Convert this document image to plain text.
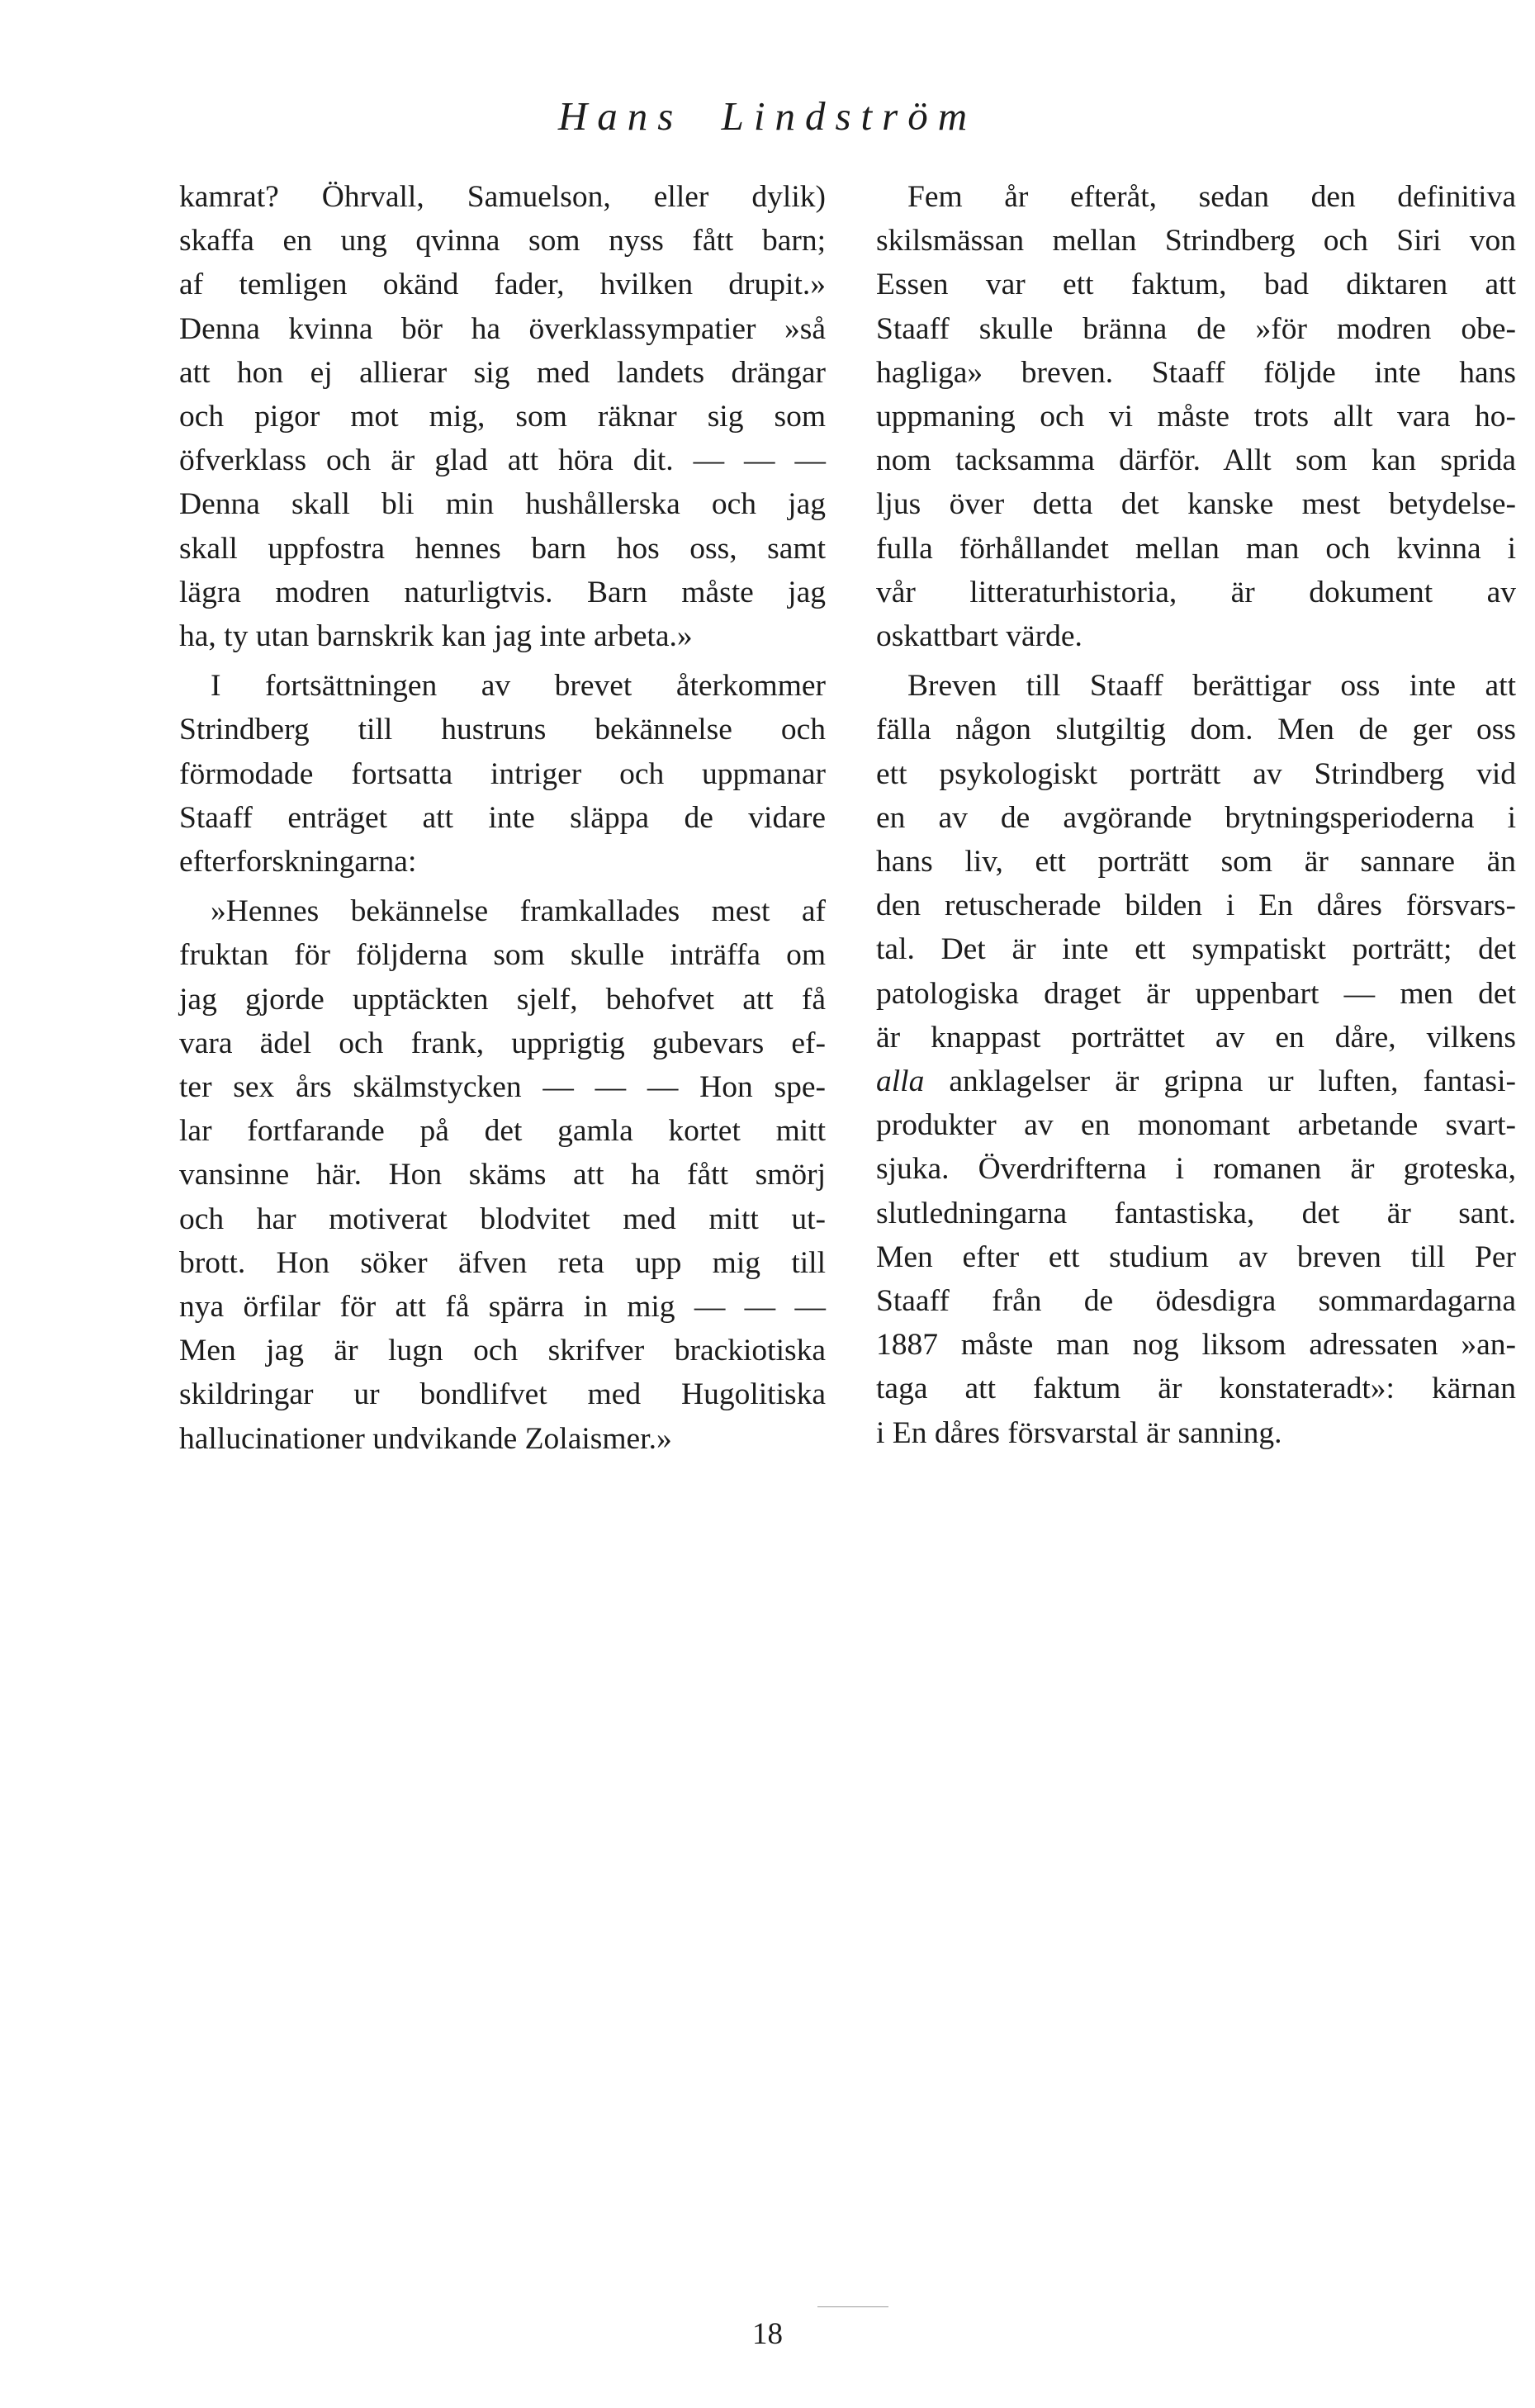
Hans Lindström
kamrat? Öhrvall, Samuelson, eller dylik)
skaffa en ung qvinna som nyss fått barn;
af temligen okänd fader, hvilken drupit.»
Denna kvinna bör ha överklassympatier »så
att hon ej allierar sig med landets drängar
och pigor mot mig, som räknar sig som
öfverklass och är glad att höra dit. — — —
Denna skall bli min hushållerska och jag
skall uppfostra hennes barn hos oss, samt
lägra modren naturligtvis. Barn måste jag
ha, ty utan barnskrik kan jag inte arbeta.»
I fortsättningen av brevet återkommer
Strindberg till hustruns bekännelse och
förmodade fortsatta intriger och uppmanar
Staaff enträget att inte släppa de vidare
efterforskningarna:
»Hennes bekännelse framkallades mest af
fruktan för följderna som skulle inträffa om
jag gjorde upptäckten sjelf, behofvet att få
vara ädel och frank, upprigtig gubevars ef-
ter sex års skälmstycken — — — Hon spe-
lar fortfarande på det gamla kortet mitt
vansinne här. Hon skäms att ha fått smörj
och har motiverat blodvitet med mitt ut-
brott. Hon söker äfven reta upp mig till
nya örfilar för att få spärra in mig — — —
Men jag är lugn och skrifver brackiotiska
skildringar ur bondlifvet med Hugolitiska
hallucinationer undvikande Zolaismer.»
Fem år efteråt, sedan den definitiva
skilsmässan mellan Strindberg och Siri von
Essen var ett faktum, bad diktaren att
Staaff skulle bränna de »för modren obe-
hagliga» breven. Staaff följde inte hans
uppmaning och vi måste trots allt vara ho-
nom tacksamma därför. Allt som kan sprida
ljus över detta det kanske mest betydelse-
fulla förhållandet mellan man och kvinna i
vår litteraturhistoria, är dokument av
oskattbart värde.
Breven till Staaff berättigar oss inte att
fälla någon slutgiltig dom. Men de ger oss
ett psykologiskt porträtt av Strindberg vid
en av de avgörande brytningsperioderna i
hans liv, ett porträtt som är sannare än
den retuscherade bilden i En dåres försvars-
tal. Det är inte ett sympatiskt porträtt; det
patologiska draget är uppenbart — men det
är knappast porträttet av en dåre, vilkens
alla anklagelser är gripna ur luften, fantasi-
produkter av en monomant arbetande svart-
sjuka. Överdrifterna i romanen är groteska,
slutledningarna fantastiska, det är sant.
Men efter ett studium av breven till Per
Staaff från de ödesdigra sommardagarna
1887 måste man nog liksom adressaten »an-
taga att faktum är konstateradt»: kärnan
i En dåres försvarstal är sanning.
18
